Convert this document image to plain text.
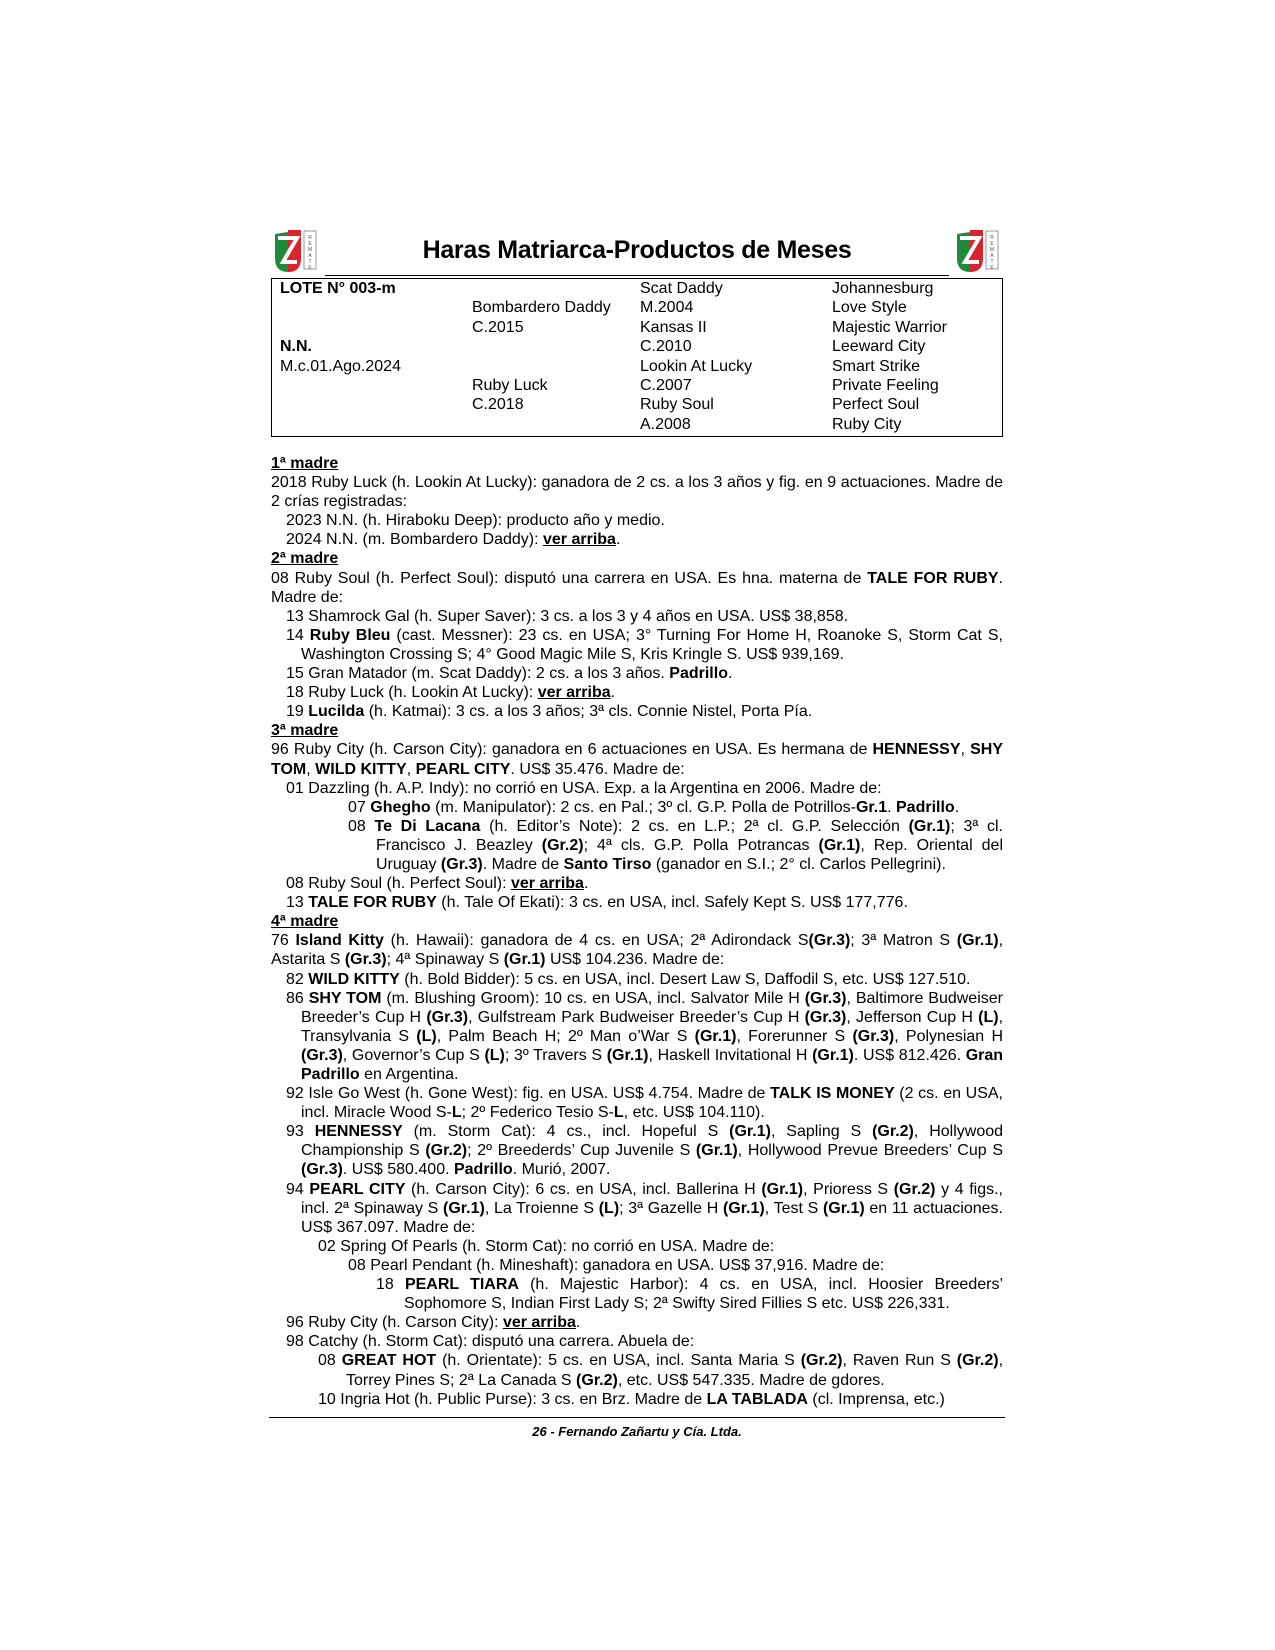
R
E
M
A
T
E
Haras Matriarca-Productos de Meses	R
E
M
A
T
E
LOTE N° 003-m
N.N.
M.c.01.Ago.2024
Bombardero Daddy
C.2015
Ruby Luck
C.2018
Scat Daddy
M.2004
Kansas II
C.2010
Lookin At Lucky
C.2007
Ruby Soul
A.2008
Johannesburg
Love Style
Majestic Warrior
Leeward City
Smart Strike
Private Feeling
Perfect Soul
Ruby City

1ª madre

2018 Ruby Luck (h. Lookin At Lucky): ganadora de 2 cs. a los 3 años y fig. en 9 actuaciones. Madre de 2 crías registradas:

2023 N.N. (h. Hiraboku Deep): producto año y medio.

2024 N.N. (m. Bombardero Daddy): ver arriba.

2ª madre

08 Ruby Soul (h. Perfect Soul): disputó una carrera en USA. Es hna. materna de TALE FOR RUBY. Madre de:

13 Shamrock Gal (h. Super Saver): 3 cs. a los 3 y 4 años en USA. US$ 38,858.

14 Ruby Bleu (cast. Messner): 23 cs. en USA; 3° Turning For Home H, Roanoke S, Storm Cat S, Washington Crossing S; 4° Good Magic Mile S, Kris Kringle S. US$ 939,169.

15 Gran Matador (m. Scat Daddy): 2 cs. a los 3 años. Padrillo.

18 Ruby Luck (h. Lookin At Lucky): ver arriba.

19 Lucilda (h. Katmai): 3 cs. a los 3 años; 3ª cls. Connie Nistel, Porta Pía.

3ª madre

96 Ruby City (h. Carson City): ganadora en 6 actuaciones en USA. Es hermana de HENNESSY, SHY TOM, WILD KITTY, PEARL CITY. US$ 35.476. Madre de:

01 Dazzling (h. A.P. Indy): no corrió en USA. Exp. a la Argentina en 2006. Madre de:

07 Ghegho (m. Manipulator): 2 cs. en Pal.; 3º cl. G.P. Polla de Potrillos-Gr.1. Padrillo.

08 Te Di Lacana (h. Editor’s Note): 2 cs. en L.P.; 2ª cl. G.P. Selección (Gr.1); 3ª cl. Francisco J. Beazley (Gr.2); 4ª cls. G.P. Polla Potrancas (Gr.1), Rep. Oriental del Uruguay (Gr.3). Madre de Santo Tirso (ganador en S.I.; 2° cl. Carlos Pellegrini).

08 Ruby Soul (h. Perfect Soul): ver arriba.

13 TALE FOR RUBY (h. Tale Of Ekati): 3 cs. en USA, incl. Safely Kept S. US$ 177,776.

4ª madre

76 Island Kitty (h. Hawaii): ganadora de 4 cs. en USA; 2ª Adirondack S(Gr.3); 3ª Matron S (Gr.1), Astarita S (Gr.3); 4ª Spinaway S (Gr.1) US$ 104.236. Madre de:

82 WILD KITTY (h. Bold Bidder): 5 cs. en USA, incl. Desert Law S, Daffodil S, etc. US$ 127.510.

86 SHY TOM (m. Blushing Groom): 10 cs. en USA, incl. Salvator Mile H (Gr.3), Baltimore Budweiser Breeder’s Cup H (Gr.3), Gulfstream Park Budweiser Breeder’s Cup H (Gr.3), Jefferson Cup H (L), Transylvania S (L), Palm Beach H; 2º Man o’War S (Gr.1), Forerunner S (Gr.3), Polynesian H (Gr.3), Governor’s Cup S (L); 3º Travers S (Gr.1), Haskell Invitational H (Gr.1). US$ 812.426. Gran Padrillo en Argentina.

92 Isle Go West (h. Gone West): fig. en USA. US$ 4.754. Madre de TALK IS MONEY (2 cs. en USA, incl. Miracle Wood S-L; 2º Federico Tesio S-L, etc. US$ 104.110).

93 HENNESSY (m. Storm Cat): 4 cs., incl. Hopeful S (Gr.1), Sapling S (Gr.2), Hollywood Championship S (Gr.2); 2º Breederds’ Cup Juvenile S (Gr.1), Hollywood Prevue Breeders’ Cup S (Gr.3). US$ 580.400. Padrillo. Murió, 2007.

94 PEARL CITY (h. Carson City): 6 cs. en USA, incl. Ballerina H (Gr.1), Prioress S (Gr.2) y 4 figs., incl. 2ª Spinaway S (Gr.1), La Troienne S (L); 3ª Gazelle H (Gr.1), Test S (Gr.1) en 11 actuaciones. US$ 367.097. Madre de:

02 Spring Of Pearls (h. Storm Cat): no corrió en USA. Madre de:

08 Pearl Pendant (h. Mineshaft): ganadora en USA. US$ 37,916. Madre de:

18 PEARL TIARA (h. Majestic Harbor): 4 cs. en USA, incl. Hoosier Breeders’ Sophomore S, Indian First Lady S; 2ª Swifty Sired Fillies S etc. US$ 226,331.

96 Ruby City (h. Carson City): ver arriba.

98 Catchy (h. Storm Cat): disputó una carrera. Abuela de:

08 GREAT HOT (h. Orientate): 5 cs. en USA, incl. Santa Maria S (Gr.2), Raven Run S (Gr.2), Torrey Pines S; 2ª La Canada S (Gr.2), etc. US$ 547.335. Madre de gdores.

10 Ingria Hot (h. Public Purse): 3 cs. en Brz. Madre de LA TABLADA (cl. Imprensa, etc.)

26 - Fernando Zañartu y Cía. Ltda.
